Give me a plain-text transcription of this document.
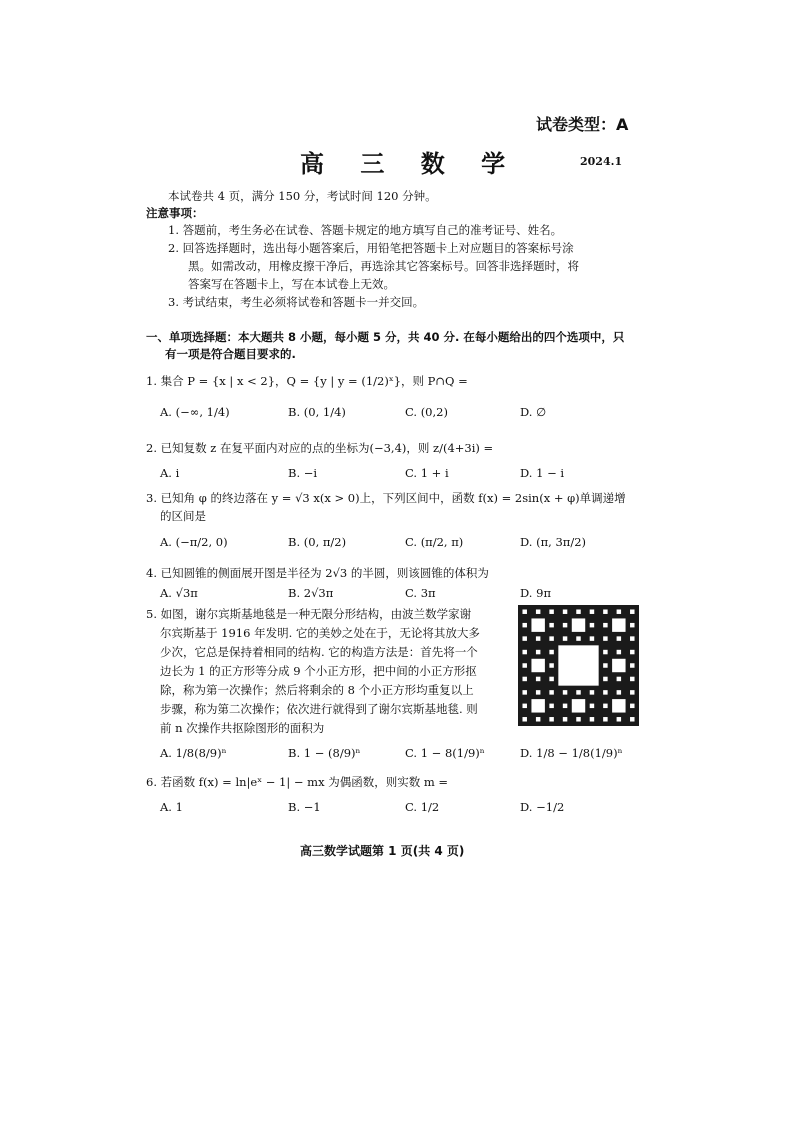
试卷类型：A
高 三 数 学	2024.1
本试卷共 4 页，满分 150 分，考试时间 120 分钟。
注意事项：
1. 答题前，考生务必在试卷、答题卡规定的地方填写自己的准考证号、姓名。
2. 回答选择题时，选出每小题答案后，用铅笔把答题卡上对应题目的答案标号涂
黑。如需改动，用橡皮擦干净后，再选涂其它答案标号。回答非选择题时，将
答案写在答题卡上，写在本试卷上无效。
3. 考试结束，考生必须将试卷和答题卡一并交回。
一、单项选择题：本大题共 8 小题，每小题 5 分，共 40 分. 在每小题给出的四个选项中，只
有一项是符合题目要求的.
1. 集合 P = {x | x < 2}，Q = {y | y = (1/2)ˣ}，则 P∩Q =
A. (−∞, 1/4)	B. (0, 1/4)	C. (0,2)	D. ∅
2. 已知复数 z 在复平面内对应的点的坐标为(−3,4)，则 z/(4+3i) =
A. i	B. −i	C. 1 + i	D. 1 − i
3. 已知角 φ 的终边落在 y = √3 x(x > 0)上，下列区间中，函数 f(x) = 2sin(x + φ)单调递增
的区间是
A. (−π/2, 0)	B. (0, π/2)	C. (π/2, π)	D. (π, 3π/2)
4. 已知圆锥的侧面展开图是半径为 2√3 的半圆，则该圆锥的体积为
A. √3π	B. 2√3π	C. 3π	D. 9π
5. 如图，谢尔宾斯基地毯是一种无限分形结构，由波兰数学家谢
尔宾斯基于 1916 年发明. 它的美妙之处在于，无论将其放大多
少次，它总是保持着相同的结构. 它的构造方法是：首先将一个
边长为 1 的正方形等分成 9 个小正方形，把中间的小正方形抠
除，称为第一次操作；然后将剩余的 8 个小正方形均重复以上
步骤，称为第二次操作；依次进行就得到了谢尔宾斯基地毯. 则
前 n 次操作共抠除图形的面积为
A. 1/8(8/9)ⁿ	B. 1 − (8/9)ⁿ	C. 1 − 8(1/9)ⁿ	D. 1/8 − 1/8(1/9)ⁿ
6. 若函数 f(x) = ln|eˣ − 1| − mx 为偶函数，则实数 m =
A. 1	B. −1	C. 1/2	D. −1/2
高三数学试题第 1 页(共 4 页)
